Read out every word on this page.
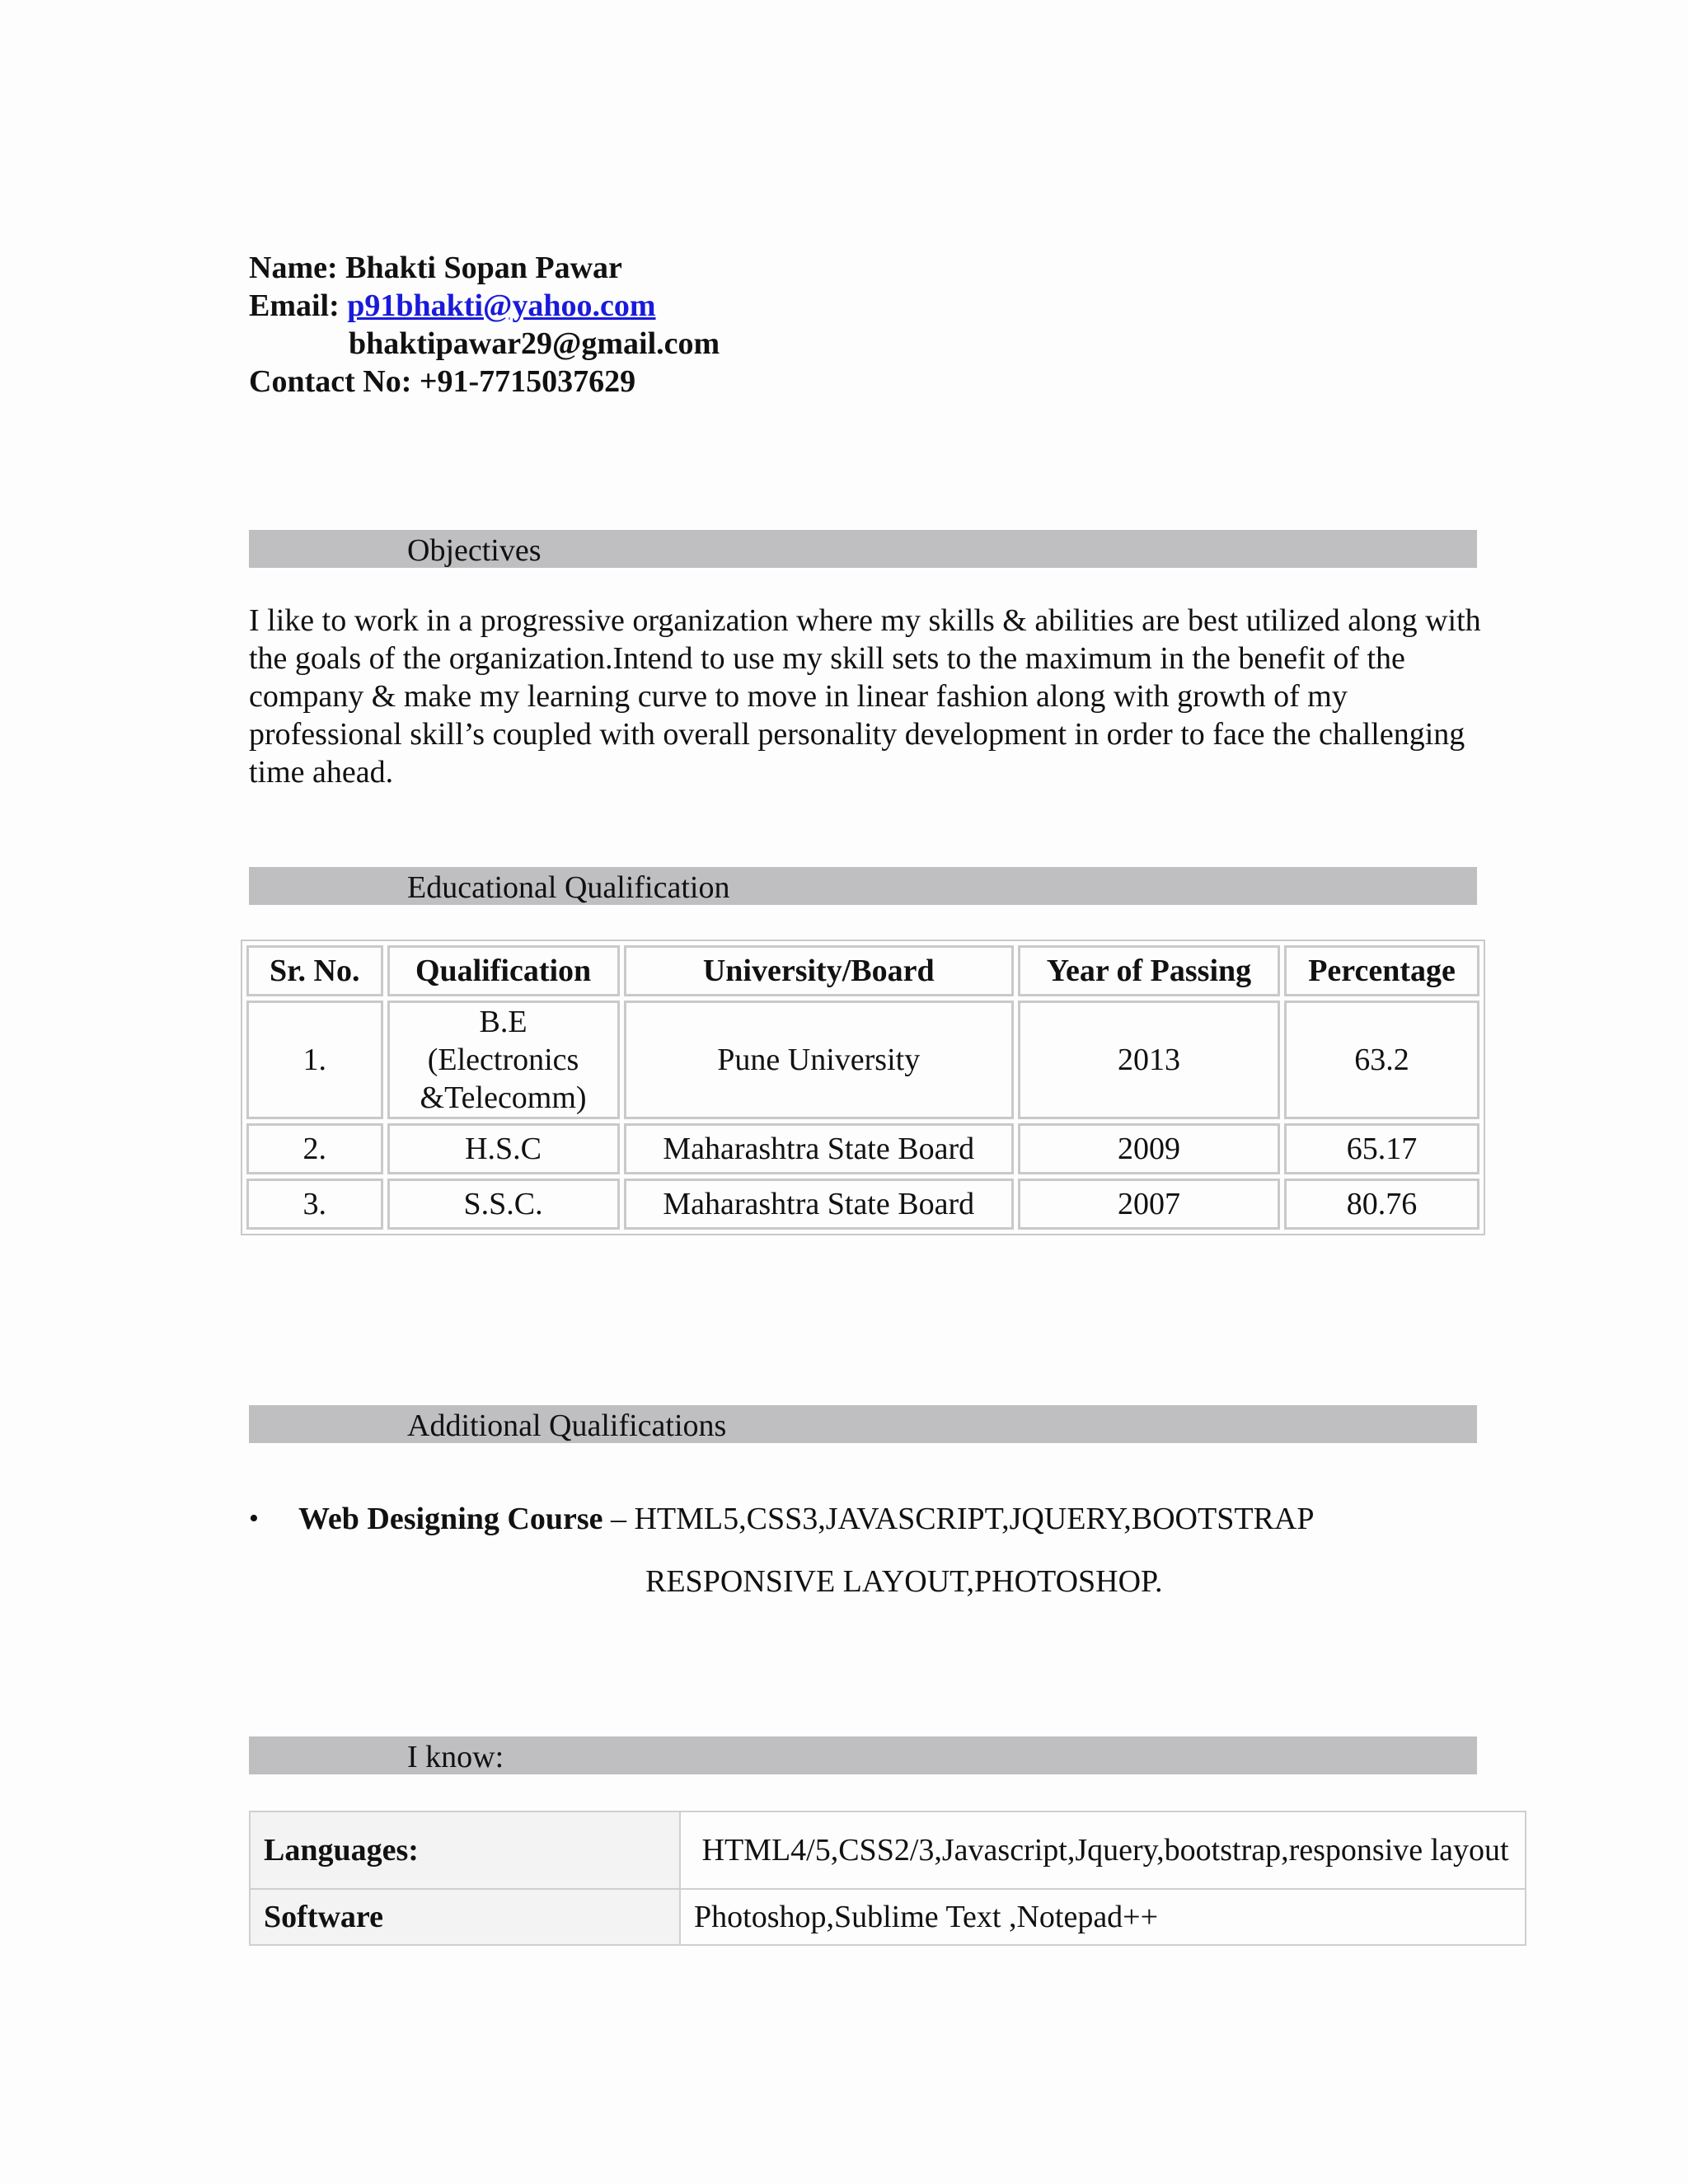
Name: Bhakti Sopan Pawar
Email: p91bhakti@yahoo.com
bhaktipawar29@gmail.com
Contact No: +91-7715037629
Objectives
I like to work in a progressive organization where my skills & abilities are best utilized along with the goals of the organization.Intend to use my skill sets to the maximum in the benefit of the company & make my learning curve to move in linear fashion along with growth of my professional skill’s coupled with overall personality development in order to face the challenging time ahead.
Educational Qualification
Sr. No.	Qualification	University/Board	Year of Passing	Percentage
1.	B.E (Electronics &Telecomm)	Pune University	2013	63.2
2.	H.S.C	Maharashtra State Board	2009	65.17
3.	S.S.C.	Maharashtra State Board	2007	80.76
Additional Qualifications
• Web Designing Course – HTML5,CSS3,JAVASCRIPT,JQUERY,BOOTSTRAP
RESPONSIVE LAYOUT,PHOTOSHOP.
I know:
Languages:	HTML4/5,CSS2/3,Javascript,Jquery,bootstrap,responsive layout
Software	Photoshop,Sublime Text ,Notepad++
